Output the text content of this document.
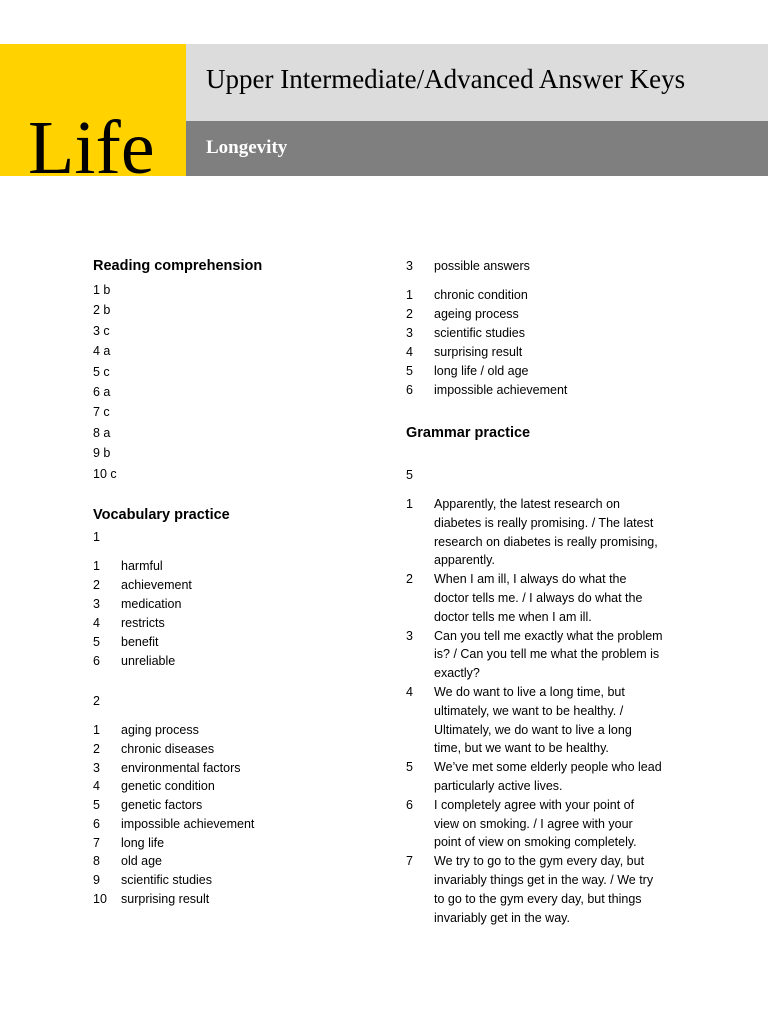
Life
Upper Intermediate/Advanced Answer Keys
Longevity
Reading comprehension
1 b
2 b
3 c
4 a
5 c
6 a
7 c
8 a
9 b
10 c
Vocabulary practice
1
1 harmful
2 achievement
3 medication
4 restricts
5 benefit
6 unreliable
2
1 aging process
2 chronic diseases
3 environmental factors
4 genetic condition
5 genetic factors
6 impossible achievement
7 long life
8 old age
9 scientific studies
10 surprising result
3 possible answers
1 chronic condition
2 ageing process
3 scientific studies
4 surprising result
5 long life / old age
6 impossible achievement
Grammar practice
5
1 Apparently, the latest research on
diabetes is really promising. / The latest
research on diabetes is really promising,
apparently.
2 When I am ill, I always do what the
doctor tells me. / I always do what the
doctor tells me when I am ill.
3 Can you tell me exactly what the problem
is? / Can you tell me what the problem is
exactly?
4 We do want to live a long time, but
ultimately, we want to be healthy. /
Ultimately, we do want to live a long
time, but we want to be healthy.
5 We’ve met some elderly people who lead
particularly active lives.
6 I completely agree with your point of
view on smoking. / I agree with your
point of view on smoking completely.
7 We try to go to the gym every day, but
invariably things get in the way. / We try
to go to the gym every day, but things
invariably get in the way.
